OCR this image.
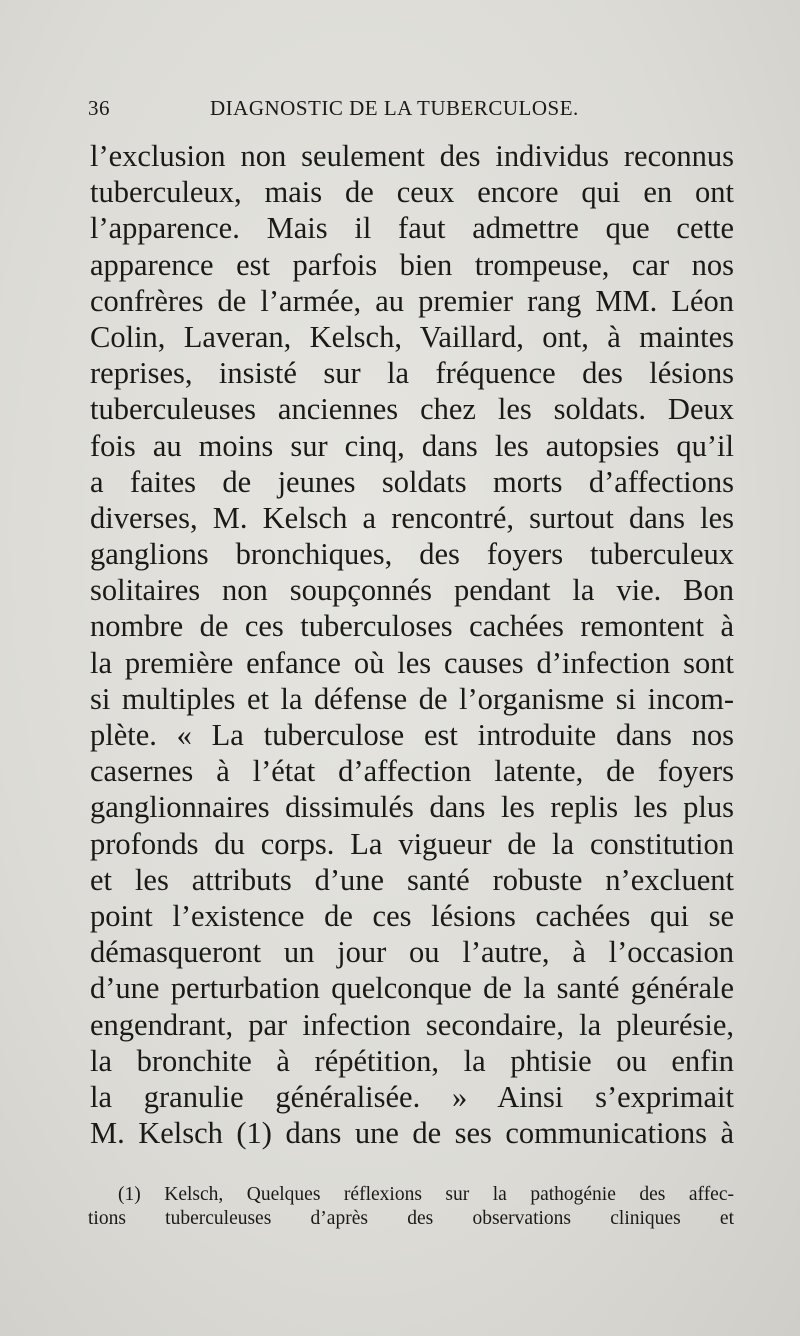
36	DIAGNOSTIC DE LA TUBERCULOSE.
l’exclusion non seulement des individus reconnus
tuberculeux, mais de ceux encore qui en ont
l’apparence. Mais il faut admettre que cette
apparence est parfois bien trompeuse, car nos
confrères de l’armée, au premier rang MM. Léon
Colin, Laveran, Kelsch, Vaillard, ont, à maintes
reprises, insisté sur la fréquence des lésions
tuberculeuses anciennes chez les soldats. Deux
fois au moins sur cinq, dans les autopsies qu’il
a faites de jeunes soldats morts d’affections
diverses, M. Kelsch a rencontré, surtout dans les
ganglions bronchiques, des foyers tuberculeux
solitaires non soupçonnés pendant la vie. Bon
nombre de ces tuberculoses cachées remontent à
la première enfance où les causes d’infection sont
si multiples et la défense de l’organisme si incom-
plète. « La tuberculose est introduite dans nos
casernes à l’état d’affection latente, de foyers
ganglionnaires dissimulés dans les replis les plus
profonds du corps. La vigueur de la constitution
et les attributs d’une santé robuste n’excluent
point l’existence de ces lésions cachées qui se
démasqueront un jour ou l’autre, à l’occasion
d’une perturbation quelconque de la santé générale
engendrant, par infection secondaire, la pleurésie,
la bronchite à répétition, la phtisie ou enfin
la granulie généralisée. » Ainsi s’exprimait
M. Kelsch (1) dans une de ses communications à
(1) Kelsch, Quelques réflexions sur la pathogénie des affec-
tions tuberculeuses d’après des observations cliniques et
